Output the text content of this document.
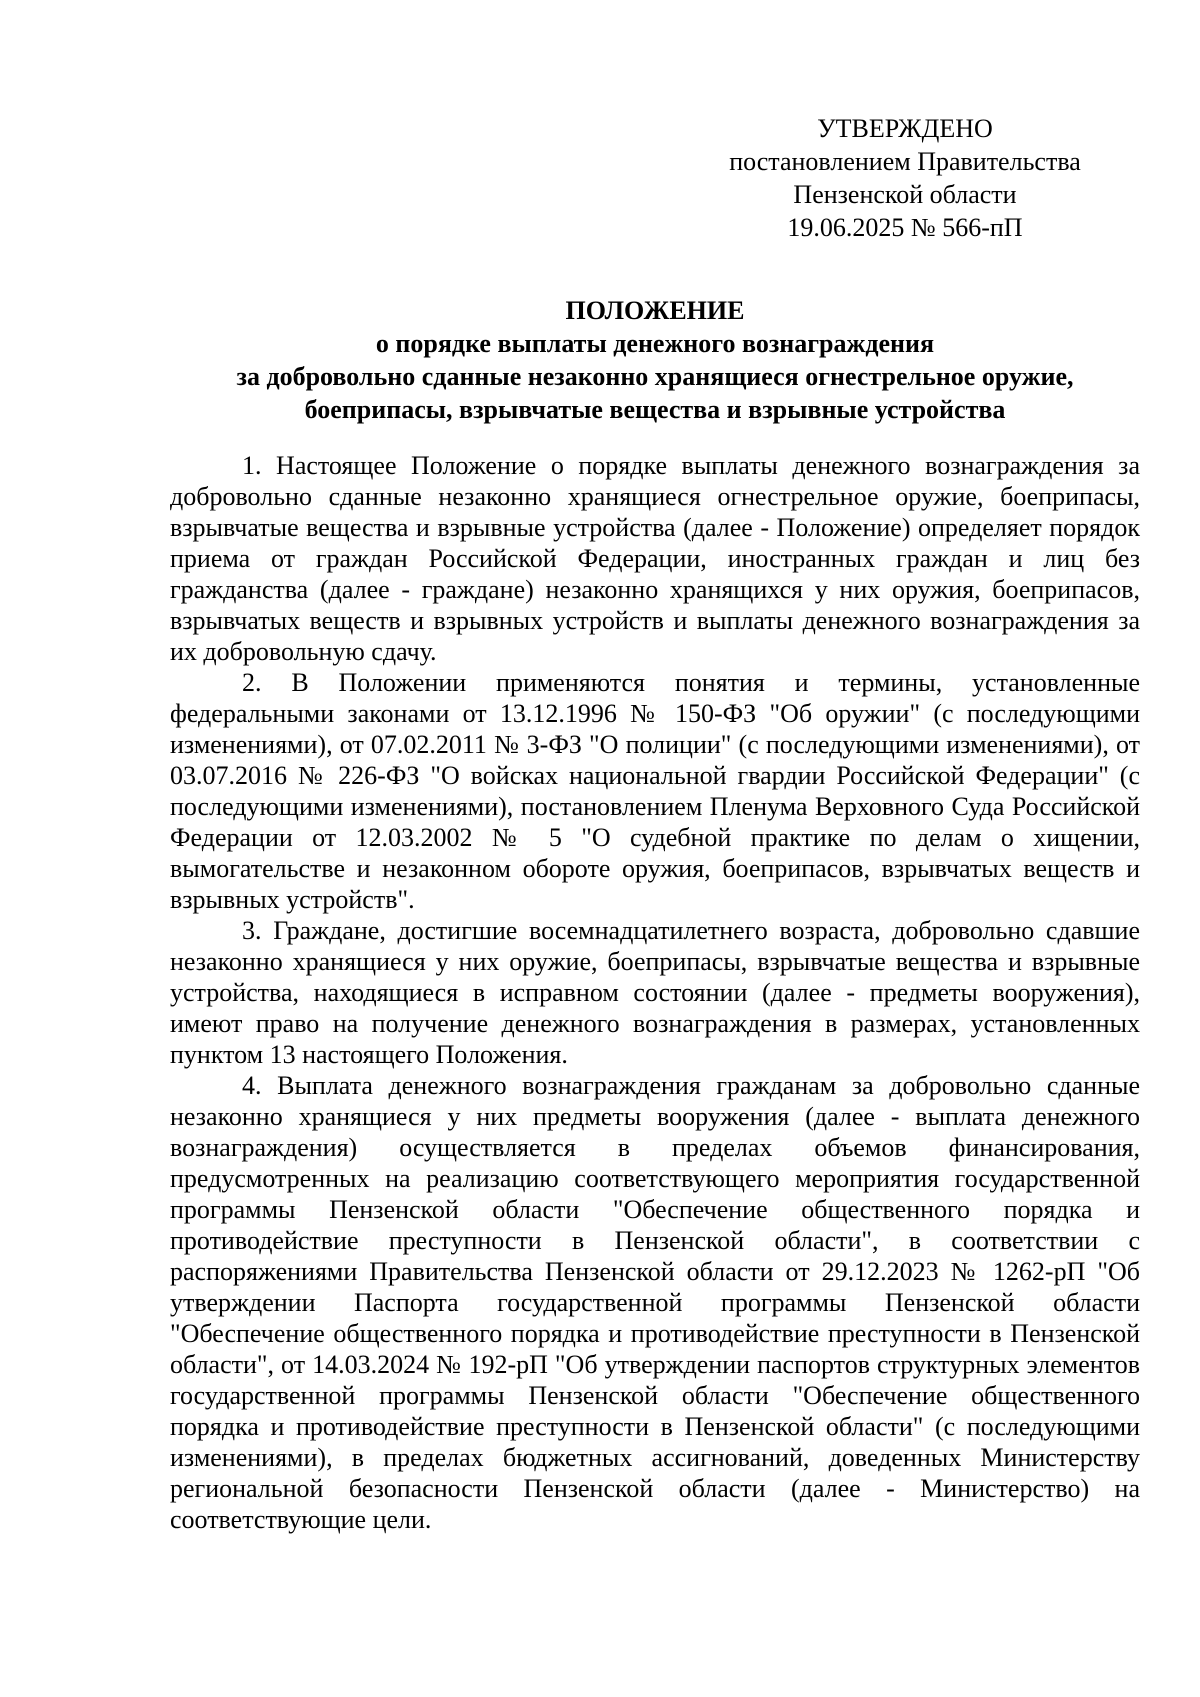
УТВЕРЖДЕНО
постановлением Правительства
Пензенской области
19.06.2025 № 566-пП
ПОЛОЖЕНИЕ
о порядке выплаты денежного вознаграждения
за добровольно сданные незаконно хранящиеся огнестрельное оружие,
боеприпасы, взрывчатые вещества и взрывные устройства

1. Настоящее Положение о порядке выплаты денежного вознаграждения за добровольно сданные незаконно хранящиеся огнестрельное оружие, боеприпасы, взрывчатые вещества и взрывные устройства (далее - Положение) определяет порядок приема от граждан Российской Федерации, иностранных граждан и лиц без гражданства (далее - граждане) незаконно хранящихся у них оружия, боеприпасов, взрывчатых веществ и взрывных устройств и выплаты денежного вознаграждения за их добровольную сдачу.

2. В Положении применяются понятия и термины, установленные федеральными законами от 13.12.1996 № 150-ФЗ "Об оружии" (с последующими изменениями), от 07.02.2011 № 3-ФЗ "О полиции" (с последующими изменениями), от 03.07.2016 № 226-ФЗ "О войсках национальной гвардии Российской Федерации" (с последующими изменениями), постановлением Пленума Верховного Суда Российской Федерации от 12.03.2002 № 5 "О судебной практике по делам о хищении, вымогательстве и незаконном обороте оружия, боеприпасов, взрывчатых веществ и взрывных устройств".

3. Граждане, достигшие восемнадцатилетнего возраста, добровольно сдавшие незаконно хранящиеся у них оружие, боеприпасы, взрывчатые вещества и взрывные устройства, находящиеся в исправном состоянии (далее - предметы вооружения), имеют право на получение денежного вознаграждения в размерах, установленных пунктом 13 настоящего Положения.

4. Выплата денежного вознаграждения гражданам за добровольно сданные незаконно хранящиеся у них предметы вооружения (далее - выплата денежного вознаграждения) осуществляется в пределах объемов финансирования, предусмотренных на реализацию соответствующего мероприятия государственной программы Пензенской области "Обеспечение общественного порядка и противодействие преступности в Пензенской области", в соответствии с распоряжениями Правительства Пензенской области от 29.12.2023 № 1262-рП "Об утверждении Паспорта государственной программы Пензенской области "Обеспечение общественного порядка и противодействие преступности в Пензенской области", от 14.03.2024 № 192-рП "Об утверждении паспортов структурных элементов государственной программы Пензенской области "Обеспечение общественного порядка и противодействие преступности в Пензенской области" (с последующими изменениями), в пределах бюджетных ассигнований, доведенных Министерству региональной безопасности Пензенской области (далее - Министерство) на соответствующие цели.
